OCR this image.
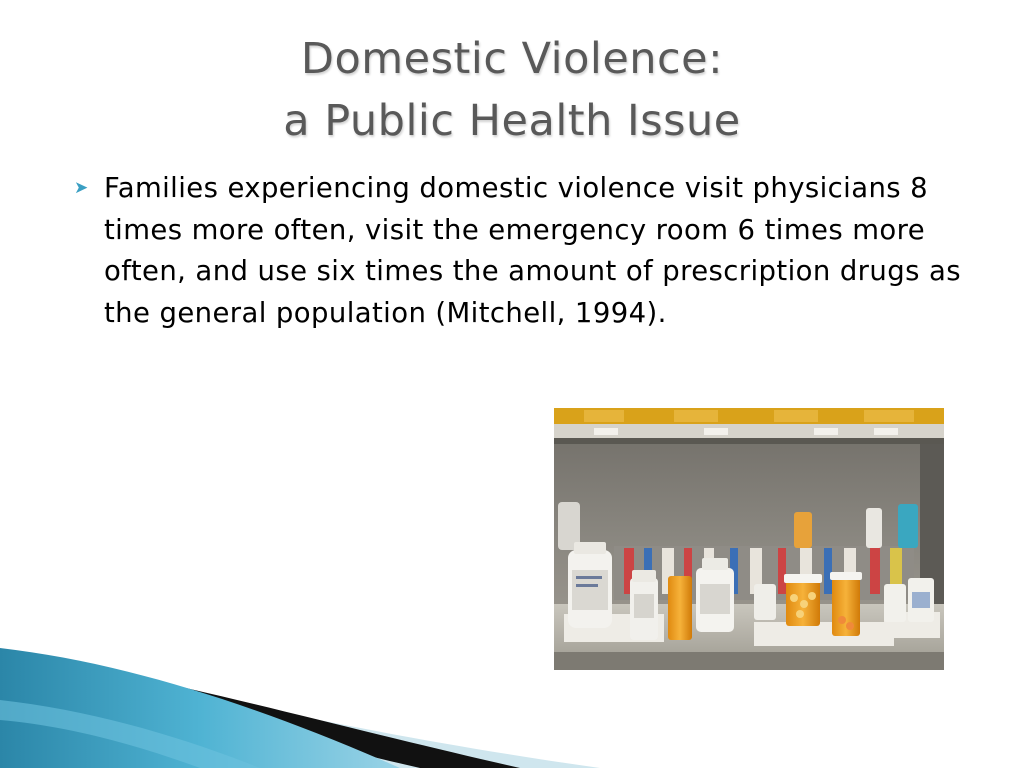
Domestic Violence:
a Public Health Issue
➤ Families experiencing domestic violence visit physicians 8 times more often, visit the emergency room 6 times more often, and use six times the amount of prescription drugs as the general population (Mitchell, 1994).
